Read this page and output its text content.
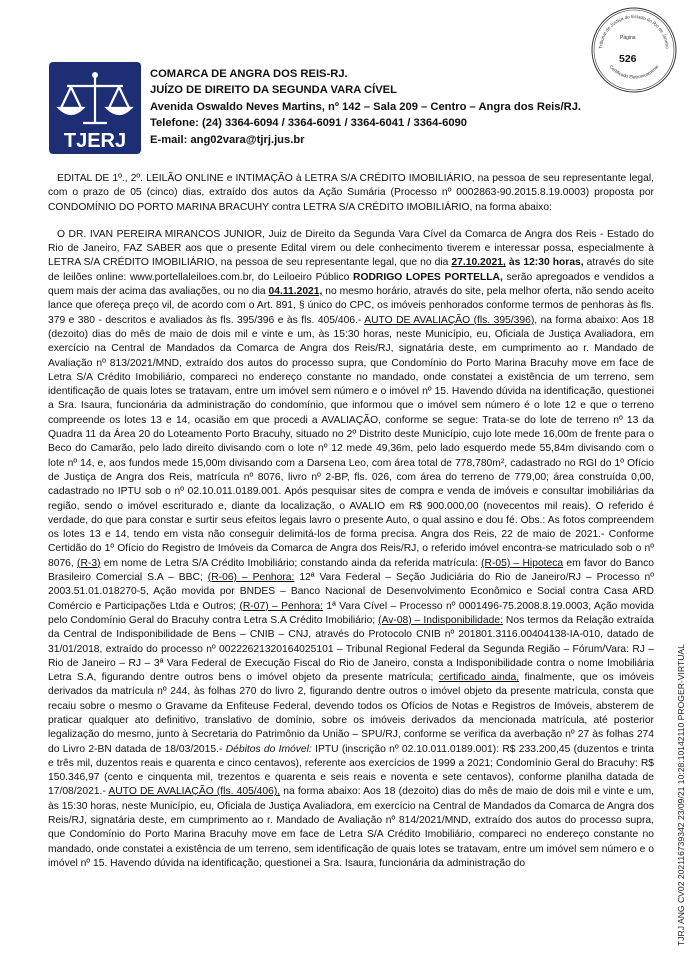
TJERJ
COMARCA DE ANGRA DOS REIS-RJ.
JUÍZO DE DIREITO DA SEGUNDA VARA CÍVEL
Avenida Oswaldo Neves Martins, nº 142 – Sala 209 – Centro – Angra dos Reis/RJ.
Telefone: (24) 3364-6094 / 3364-6091 / 3364-6041 / 3364-6090
E-mail: ang02vara@tjrj.jus.br
Tribunal de Justiça do Estado do Rio de Janeiro
Certificado Eletronicamente
Página
526
TJRJ ANG CV02 202116739342 23/09/21 10:28:10142110 PROGER-VIRTUAL

EDITAL DE 1º., 2º. LEILÃO ONLINE e INTIMAÇÃO à LETRA S/A CRÉDITO IMOBILIÁRIO, na pessoa de seu representante legal, com o prazo de 05 (cinco) dias, extraído dos autos da Ação Sumária (Processo nº 0002863-90.2015.8.19.0003) proposta por CONDOMÍNIO DO PORTO MARINA BRACUHY contra LETRA S/A CRÉDITO IMOBILIÁRIO, na forma abaixo:

O DR. IVAN PEREIRA MIRANCOS JUNIOR, Juiz de Direito da Segunda Vara Cível da Comarca de Angra dos Reis - Estado do Rio de Janeiro, FAZ SABER aos que o presente Edital virem ou dele conhecimento tiverem e interessar possa, especialmente à LETRA S/A CRÉDITO IMOBILIÁRIO, na pessoa de seu representante legal, que no dia 27.10.2021, às 12:30 horas, através do site de leilões online: www.portellaleiloes.com.br, do Leiloeiro Público RODRIGO LOPES PORTELLA, serão apregoados e vendidos a quem mais der acima das avaliações, ou no dia 04.11.2021, no mesmo horário, através do site, pela melhor oferta, não sendo aceito lance que ofereça preço vil, de acordo com o Art. 891, § único do CPC, os imóveis penhorados conforme termos de penhoras às fls. 379 e 380 - descritos e avaliados às fls. 395/396 e às fls. 405/406.- AUTO DE AVALIAÇÃO (fls. 395/396), na forma abaixo: Aos 18 (dezoito) dias do mês de maio de dois mil e vinte e um, às 15:30 horas, neste Município, eu, Oficiala de Justiça Avaliadora, em exercício na Central de Mandados da Comarca de Angra dos Reis/RJ, signatária deste, em cumprimento ao r. Mandado de Avaliação nº 813/2021/MND, extraído dos autos do processo supra, que Condomínio do Porto Marina Bracuhy move em face de Letra S/A Crédito Imobiliário, compareci no endereço constante no mandado, onde constatei a existência de um terreno, sem identificação de quais lotes se tratavam, entre um imóvel sem número e o imóvel nº 15. Havendo dúvida na identificação, questionei a Sra. Isaura, funcionária da administração do condomínio, que informou que o imóvel sem número é o lote 12 e que o terreno compreende os lotes 13 e 14, ocasião em que procedi a AVALIAÇÃO, conforme se segue: Trata-se do lote de terreno nº 13 da Quadra 11 da Área 20 do Loteamento Porto Bracuhy, situado no 2º Distrito deste Município, cujo lote mede 16,00m de frente para o Beco do Camarão, pelo lado direito divisando com o lote nº 12 mede 49,36m, pelo lado esquerdo mede 55,84m divisando com o lote nº 14, e, aos fundos mede 15,00m divisando com a Darsena Leo, com área total de 778,780m², cadastrado no RGI do 1º Ofício de Justiça de Angra dos Reis, matrícula nº 8076, livro nº 2-BP, fls. 026, com área do terreno de 779,00; área construída 0,00, cadastrado no IPTU sob o nº 02.10.011.0189.001. Após pesquisar sites de compra e venda de imóveis e consultar imobiliárias da região, sendo o imóvel escriturado e, diante da localização, o AVALIO em R$ 900.000,00 (novecentos mil reais). O referido é verdade, do que para constar e surtir seus efeitos legais lavro o presente Auto, o qual assino e dou fé. Obs.: As fotos compreendem os lotes 13 e 14, tendo em vista não conseguir delimitá-los de forma precisa. Angra dos Reis, 22 de maio de 2021.- Conforme Certidão do 1º Ofício do Registro de Imóveis da Comarca de Angra dos Reis/RJ, o referido imóvel encontra-se matriculado sob o nº 8076, (R-3) em nome de Letra S/A Crédito Imobiliário; constando ainda da referida matrícula: (R-05) – Hipoteca em favor do Banco Brasileiro Comercial S.A – BBC; (R-06) – Penhora: 12ª Vara Federal – Seção Judiciária do Rio de Janeiro/RJ – Processo nº 2003.51.01.018270-5, Ação movida por BNDES – Banco Nacional de Desenvolvimento Econômico e Social contra Casa ARD Comércio e Participações Ltda e Outros; (R-07) – Penhora: 1ª Vara Cível – Processo nº 0001496-75.2008.8.19.0003, Ação movida pelo Condomínio Geral do Bracuhy contra Letra S.A Crédito Imobiliário; (Av-08) – Indisponibilidade: Nos termos da Relação extraída da Central de Indisponibilidade de Bens – CNIB – CNJ, através do Protocolo CNIB nº 201801.3116.00404138-IA-010, datado de 31/01/2018, extraído do processo nº 00222621320164025101 – Tribunal Regional Federal da Segunda Região – Fórum/Vara: RJ – Rio de Janeiro – RJ – 3ª Vara Federal de Execução Fiscal do Rio de Janeiro, consta a Indisponibilidade contra o nome Imobiliária Letra S.A, figurando dentre outros bens o imóvel objeto da presente matrícula; certificado ainda, finalmente, que os imóveis derivados da matrícula nº 244, às folhas 270 do livro 2, figurando dentre outros o imóvel objeto da presente matrícula, consta que recaiu sobre o mesmo o Gravame da Enfiteuse Federal, devendo todos os Ofícios de Notas e Registros de Imóveis, absterem de praticar qualquer ato definitivo, translativo de domínio, sobre os imóveis derivados da mencionada matrícula, até posterior legalização do mesmo, junto à Secretaria do Patrimônio da União – SPU/RJ, conforme se verifica da averbação nº 27 às folhas 274 do Livro 2-BN datada de 18/03/2015.- Débitos do Imóvel: IPTU (inscrição nº 02.10.011.0189.001): R$ 233.200,45 (duzentos e trinta e três mil, duzentos reais e quarenta e cinco centavos), referente aos exercícios de 1999 a 2021; Condomínio Geral do Bracuhy: R$ 150.346,97 (cento e cinquenta mil, trezentos e quarenta e seis reais e noventa e sete centavos), conforme planilha datada de 17/08/2021.- AUTO DE AVALIAÇÃO (fls. 405/406), na forma abaixo: Aos 18 (dezoito) dias do mês de maio de dois mil e vinte e um, às 15:30 horas, neste Município, eu, Oficiala de Justiça Avaliadora, em exercício na Central de Mandados da Comarca de Angra dos Reis/RJ, signatária deste, em cumprimento ao r. Mandado de Avaliação nº 814/2021/MND, extraído dos autos do processo supra, que Condomínio do Porto Marina Bracuhy move em face de Letra S/A Crédito Imobiliário, compareci no endereço constante no mandado, onde constatei a existência de um terreno, sem identificação de quais lotes se tratavam, entre um imóvel sem número e o imóvel nº 15. Havendo dúvida na identificação, questionei a Sra. Isaura, funcionária da administração do
